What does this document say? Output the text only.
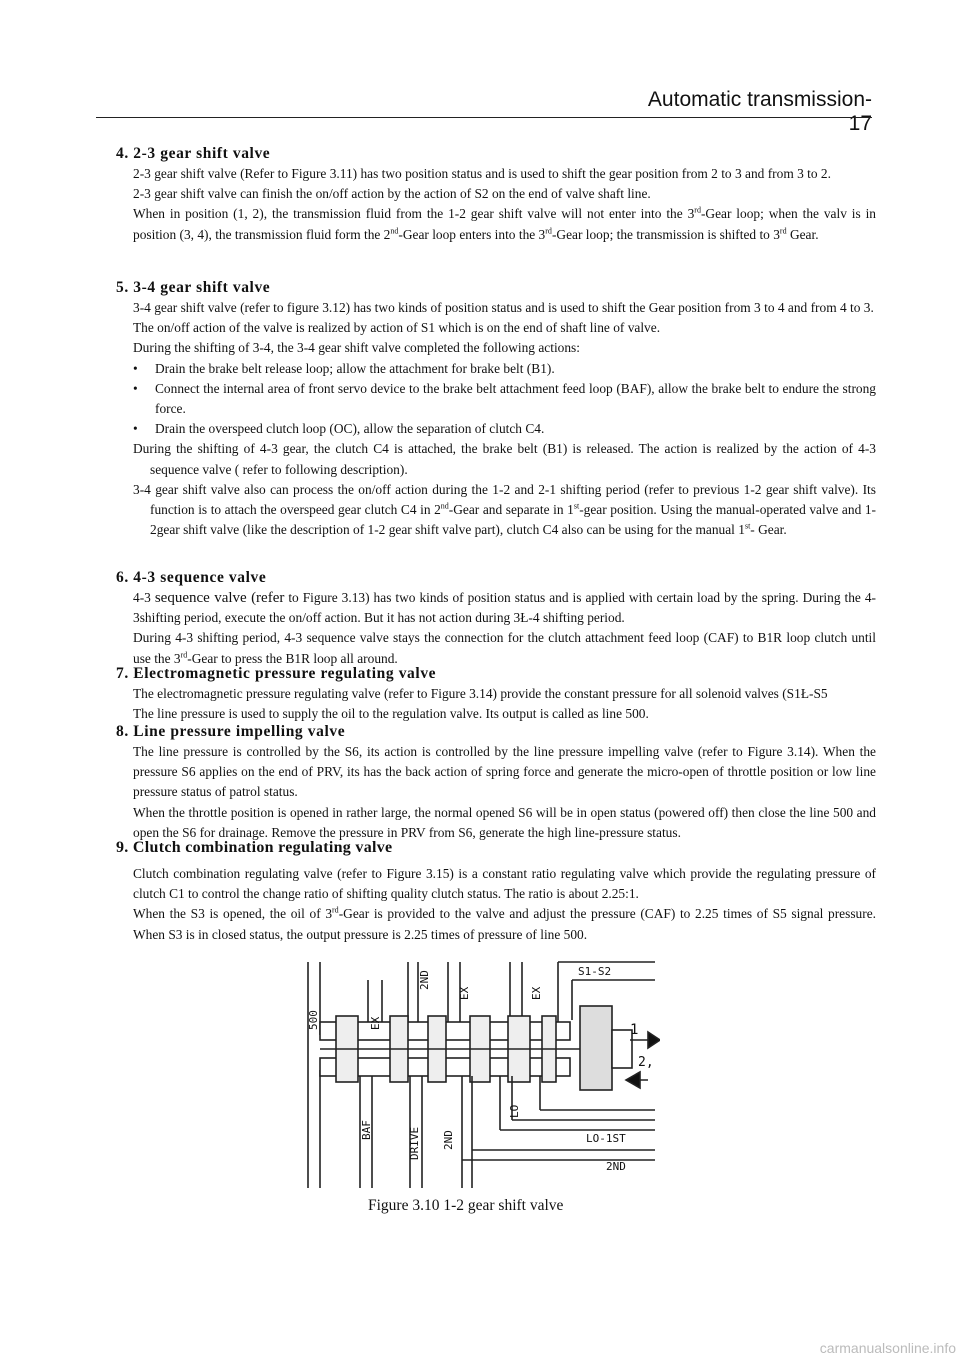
Automatic transmission-17

4. 2-3 gear shift valve

2-3 gear shift valve (Refer to Figure 3.11) has two position status and is used to shift the gear position from 2 to 3 and from 3 to 2.

2-3 gear shift valve can finish the on/off action by the action of S2 on the end of valve shaft line.

When in position (1, 2), the transmission fluid from the 1-2 gear shift valve will not enter into the 3rd-Gear loop; when the valv is in position (3, 4), the transmission fluid form the 2nd-Gear loop enters into the 3rd-Gear loop; the transmission is shifted to 3rd Gear.

5. 3-4 gear shift valve

3-4 gear shift valve (refer to figure 3.12) has two kinds of position status and is used to shift the Gear position from 3 to 4 and from 4 to 3.

The on/off action of the valve is realized by action of S1 which is on the end of shaft line of valve.

During the shifting of 3-4, the 3-4 gear shift valve completed the following actions:

• Drain the brake belt release loop; allow the attachment for brake belt (B1).

• Connect the internal area of front servo device to the brake belt attachment feed loop (BAF), allow the brake belt to endure the strong force.

• Drain the overspeed clutch loop (OC), allow the separation of clutch C4.

During the shifting of 4-3 gear, the clutch C4 is attached, the brake belt (B1) is released. The action is realized by the action of 4-3 sequence valve ( refer to following description).

3-4 gear shift valve also can process the on/off action during the 1-2 and 2-1 shifting period (refer to previous 1-2 gear shift valve). Its function is to attach the overspeed gear clutch C4 in 2nd-Gear and separate in 1st-gear position. Using the manual-operated valve and 1-2gear shift valve (like the description of 1-2 gear shift valve part), clutch C4 also can be using for the manual 1st- Gear.

6. 4-3 sequence valve

4-3 sequence valve (refer to Figure 3.13) has two kinds of position status and is applied with certain load by the spring. During the 4-3shifting period, execute the on/off action. But it has not action during 3Ł-4 shifting period.

During 4-3 shifting period, 4-3 sequence valve stays the connection for the clutch attachment feed loop (CAF) to B1R loop clutch until use the 3rd-Gear to press the B1R loop all around.

7. Electromagnetic pressure regulating valve

The electromagnetic pressure regulating valve (refer to Figure 3.14) provide the constant pressure for all solenoid valves (S1Ł-S5

The line pressure is used to supply the oil to the regulation valve. Its output is called as line 500.

8. Line pressure impelling valve

The line pressure is controlled by the S6, its action is controlled by the line pressure impelling valve (refer to Figure 3.14). When the pressure S6 applies on the end of PRV, its has the back action of spring force and generate the micro-open of throttle position or low line pressure status of patrol status.

When the throttle position is opened in rather large, the normal opened S6 will be in open status (powered off) then close the line 500 and open the S6 for drainage. Remove the pressure in PRV from S6, generate the high line-pressure status.

9. Clutch combination regulating valve

Clutch combination regulating valve (refer to Figure 3.15) is a constant ratio regulating valve which provide the regulating pressure of clutch C1 to control the change ratio of shifting quality clutch status. The ratio is about 2.25:1.

When the S3 is opened, the oil of 3rd-Gear is provided to the valve and adjust the pressure (CAF) to 2.25 times of S5 signal pressure. When S3 is in closed status, the output pressure is 2.25 times of pressure of line 500.

500	EX
2ND
EX	EX
S1-S2
1
2,
BAF	DRIVE 2ND
LO
LO-1ST
2ND
Figure 3.10 1-2 gear shift valve
carmanualsonline.info
